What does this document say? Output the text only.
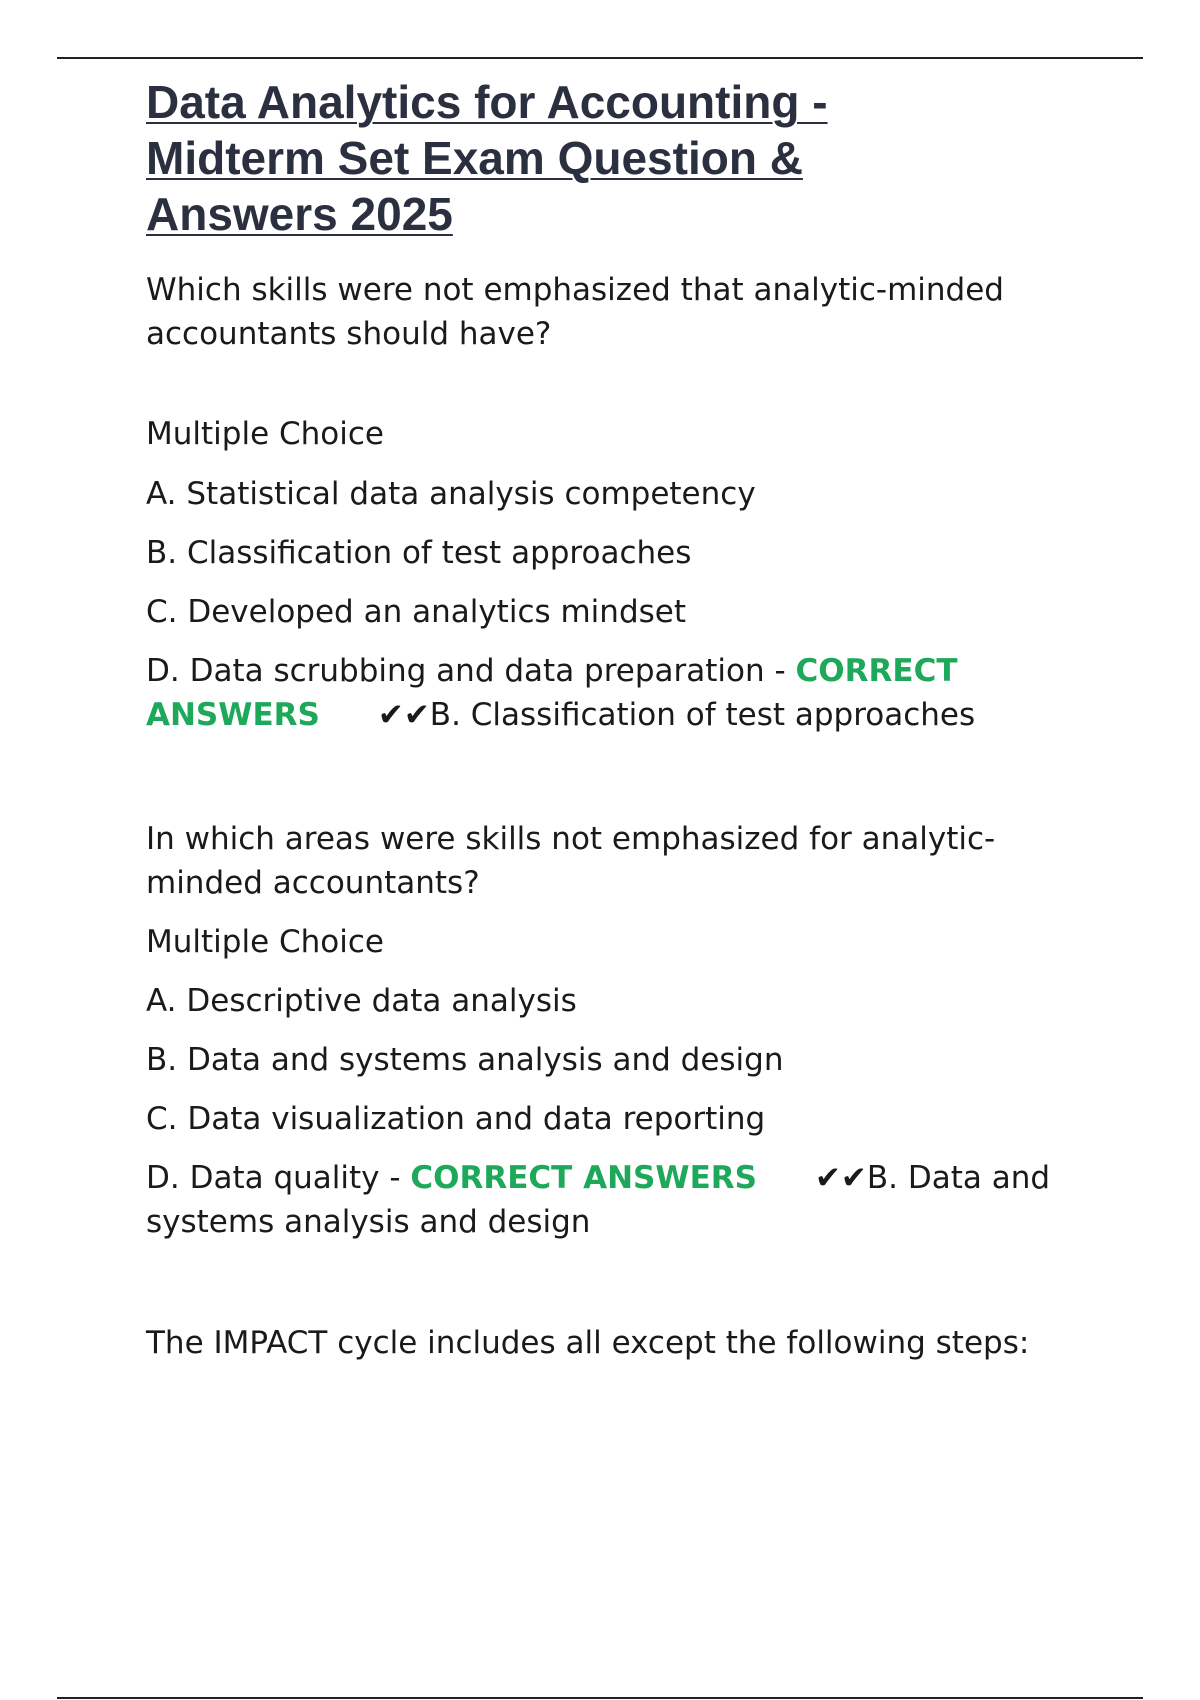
Data Analytics for Accounting -
Midterm Set Exam Question &
Answers 2025

Which skills were not emphasized that analytic-minded accountants should have?

Multiple Choice

A. Statistical data analysis competency

B. Classification of test approaches

C. Developed an analytics mindset

D. Data scrubbing and data preparation - CORRECT ANSWERS ✔✔B. Classification of test approaches

In which areas were skills not emphasized for analytic-minded accountants?

Multiple Choice

A. Descriptive data analysis

B. Data and systems analysis and design

C. Data visualization and data reporting

D. Data quality - CORRECT ANSWERS ✔✔B. Data and systems analysis and design

The IMPACT cycle includes all except the following steps:
